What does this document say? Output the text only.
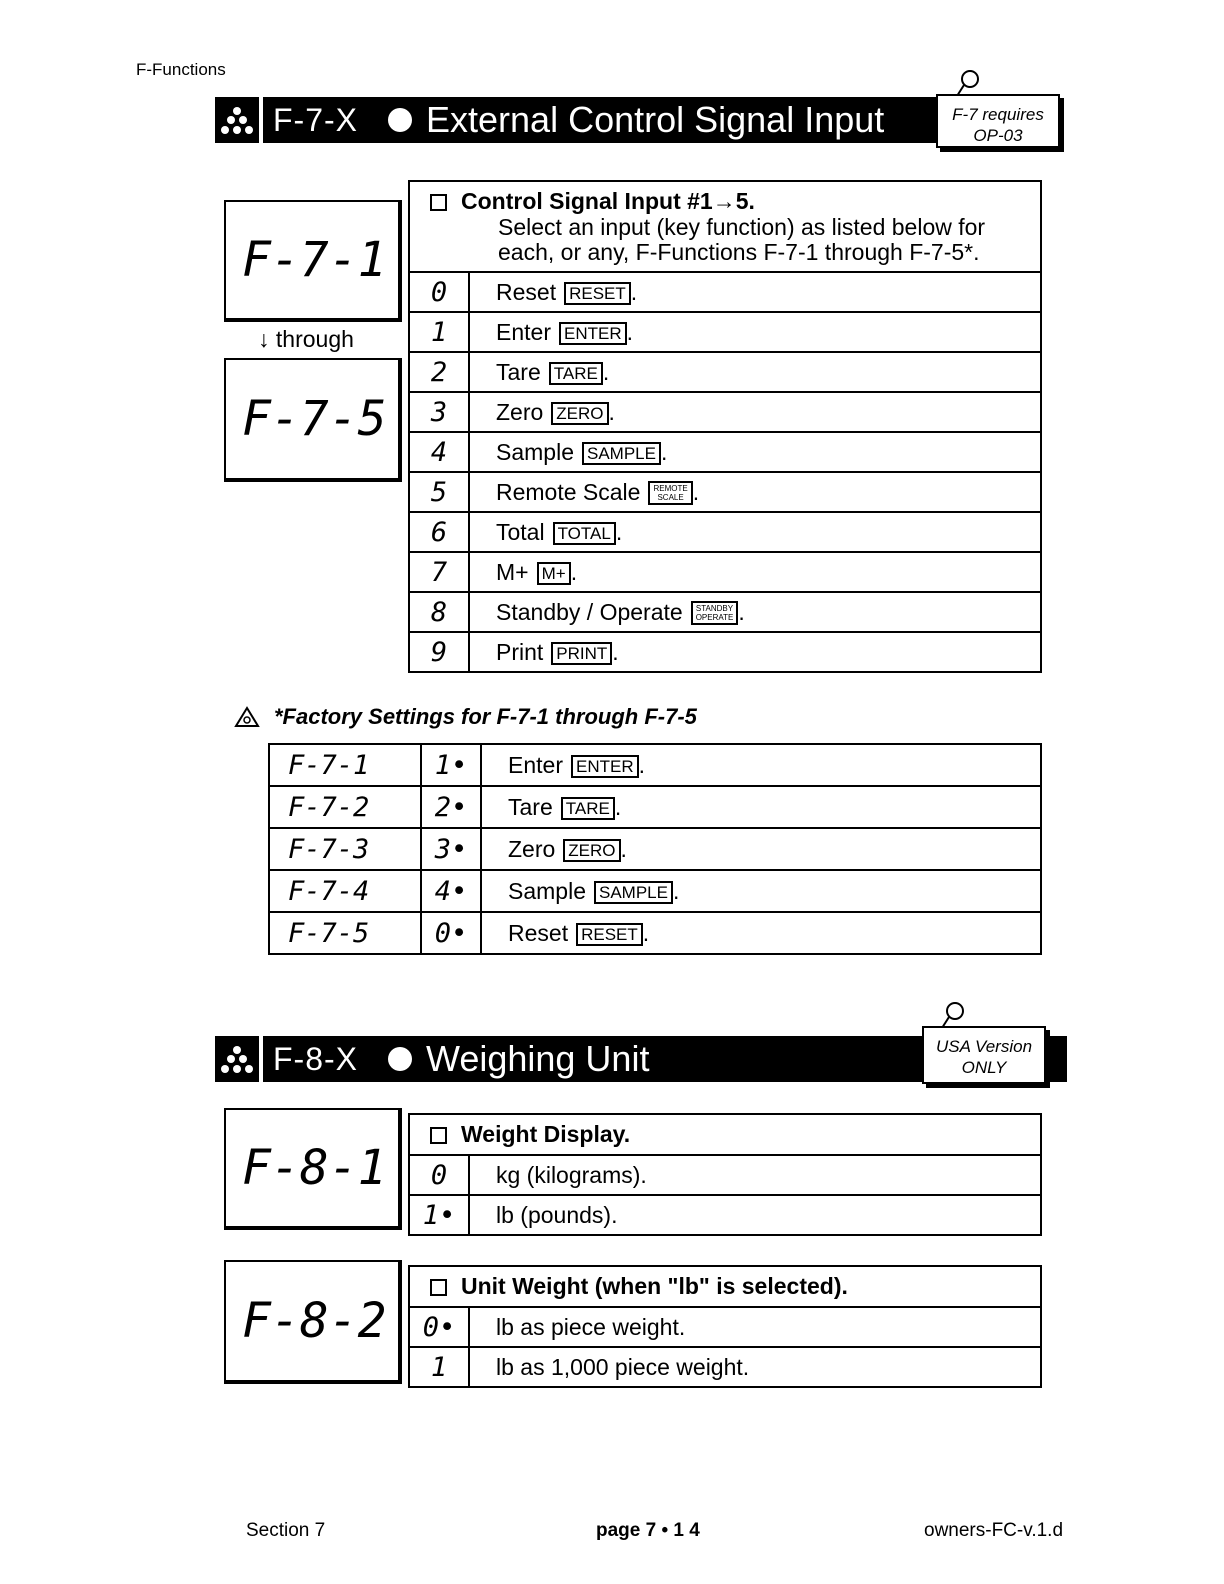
F-Functions
F-7-X External Control Signal Input	F-7 requires
OP-03
F-7-1
↓ through
F-7-5
Control Signal Input #1→5.
Select an input (key function) as listed below for
each, or any, F-Functions F-7-1 through F-7-5*.	

0	Reset RESET .
1	Enter ENTER .
2	Tare TARE .
3	Zero ZERO .
4	Sample SAMPLE .
5	Remote Scale REMOTE
SCALE .
6	Total TOTAL .
7	M+ M+ .
8	Standby / Operate STANDBY
OPERATE .
9	Print PRINT .
*Factory Settings for F-7-1 through F-7-5
F-7-1	1•	Enter ENTER .
F-7-2	2•	Tare TARE .
F-7-3	3•	Zero ZERO .
F-7-4	4•	Sample SAMPLE .
F-7-5	0•	Reset RESET .
F-8-X Weighing Unit	USA Version
ONLY
F-8-1
Weight Display.	
0	kg (kilograms).
1•	lb (pounds).
F-8-2
Unit Weight (when "lb" is selected).	
0•	lb as piece weight.
1	lb as 1,000 piece weight.
Section 7	page 7 • 1 4	owners-FC-v.1.d
